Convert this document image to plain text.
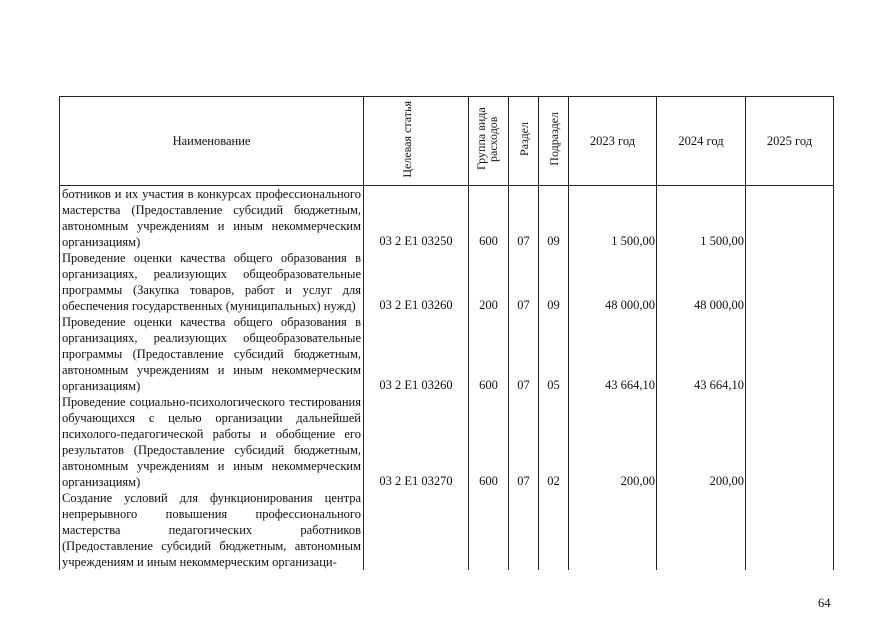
Наименование	Целевая статья	Группа вида расходов	Раздел	Подраздел	2023 год	2024 год	2025 год
ботников и их участия в конкурсах профессионального мастерства (Предоставление субсидий бюджетным, автономным учреждениям и иным некоммерческим организациям)	03 2 E1 03250	600	07	09	1 500,00	1 500,00	
Проведение оценки качества общего образования в организациях, реализующих общеобразовательные программы (Закупка товаров, работ и услуг для обеспечения государственных (муниципальных) нужд)	03 2 E1 03260	200	07	09	48 000,00	48 000,00	
Проведение оценки качества общего образования в организациях, реализующих общеобразовательные программы (Предоставление субсидий бюджетным, автономным учреждениям и иным некоммерческим организациям)	03 2 E1 03260	600	07	05	43 664,10	43 664,10	
Проведение социально-психологического тестирования обучающихся с целью организации дальнейшей психолого-педагогической работы и обобщение его результатов (Предоставление субсидий бюджетным, автономным учреждениям и иным некоммерческим организациям)	03 2 E1 03270	600	07	02	200,00	200,00	
Создание условий для функционирования центра непрерывного повышения профессионального мастерства педагогических работников (Предоставление субсидий бюджетным, автономным учреждениям и иным некоммерческим организаци-							
64
